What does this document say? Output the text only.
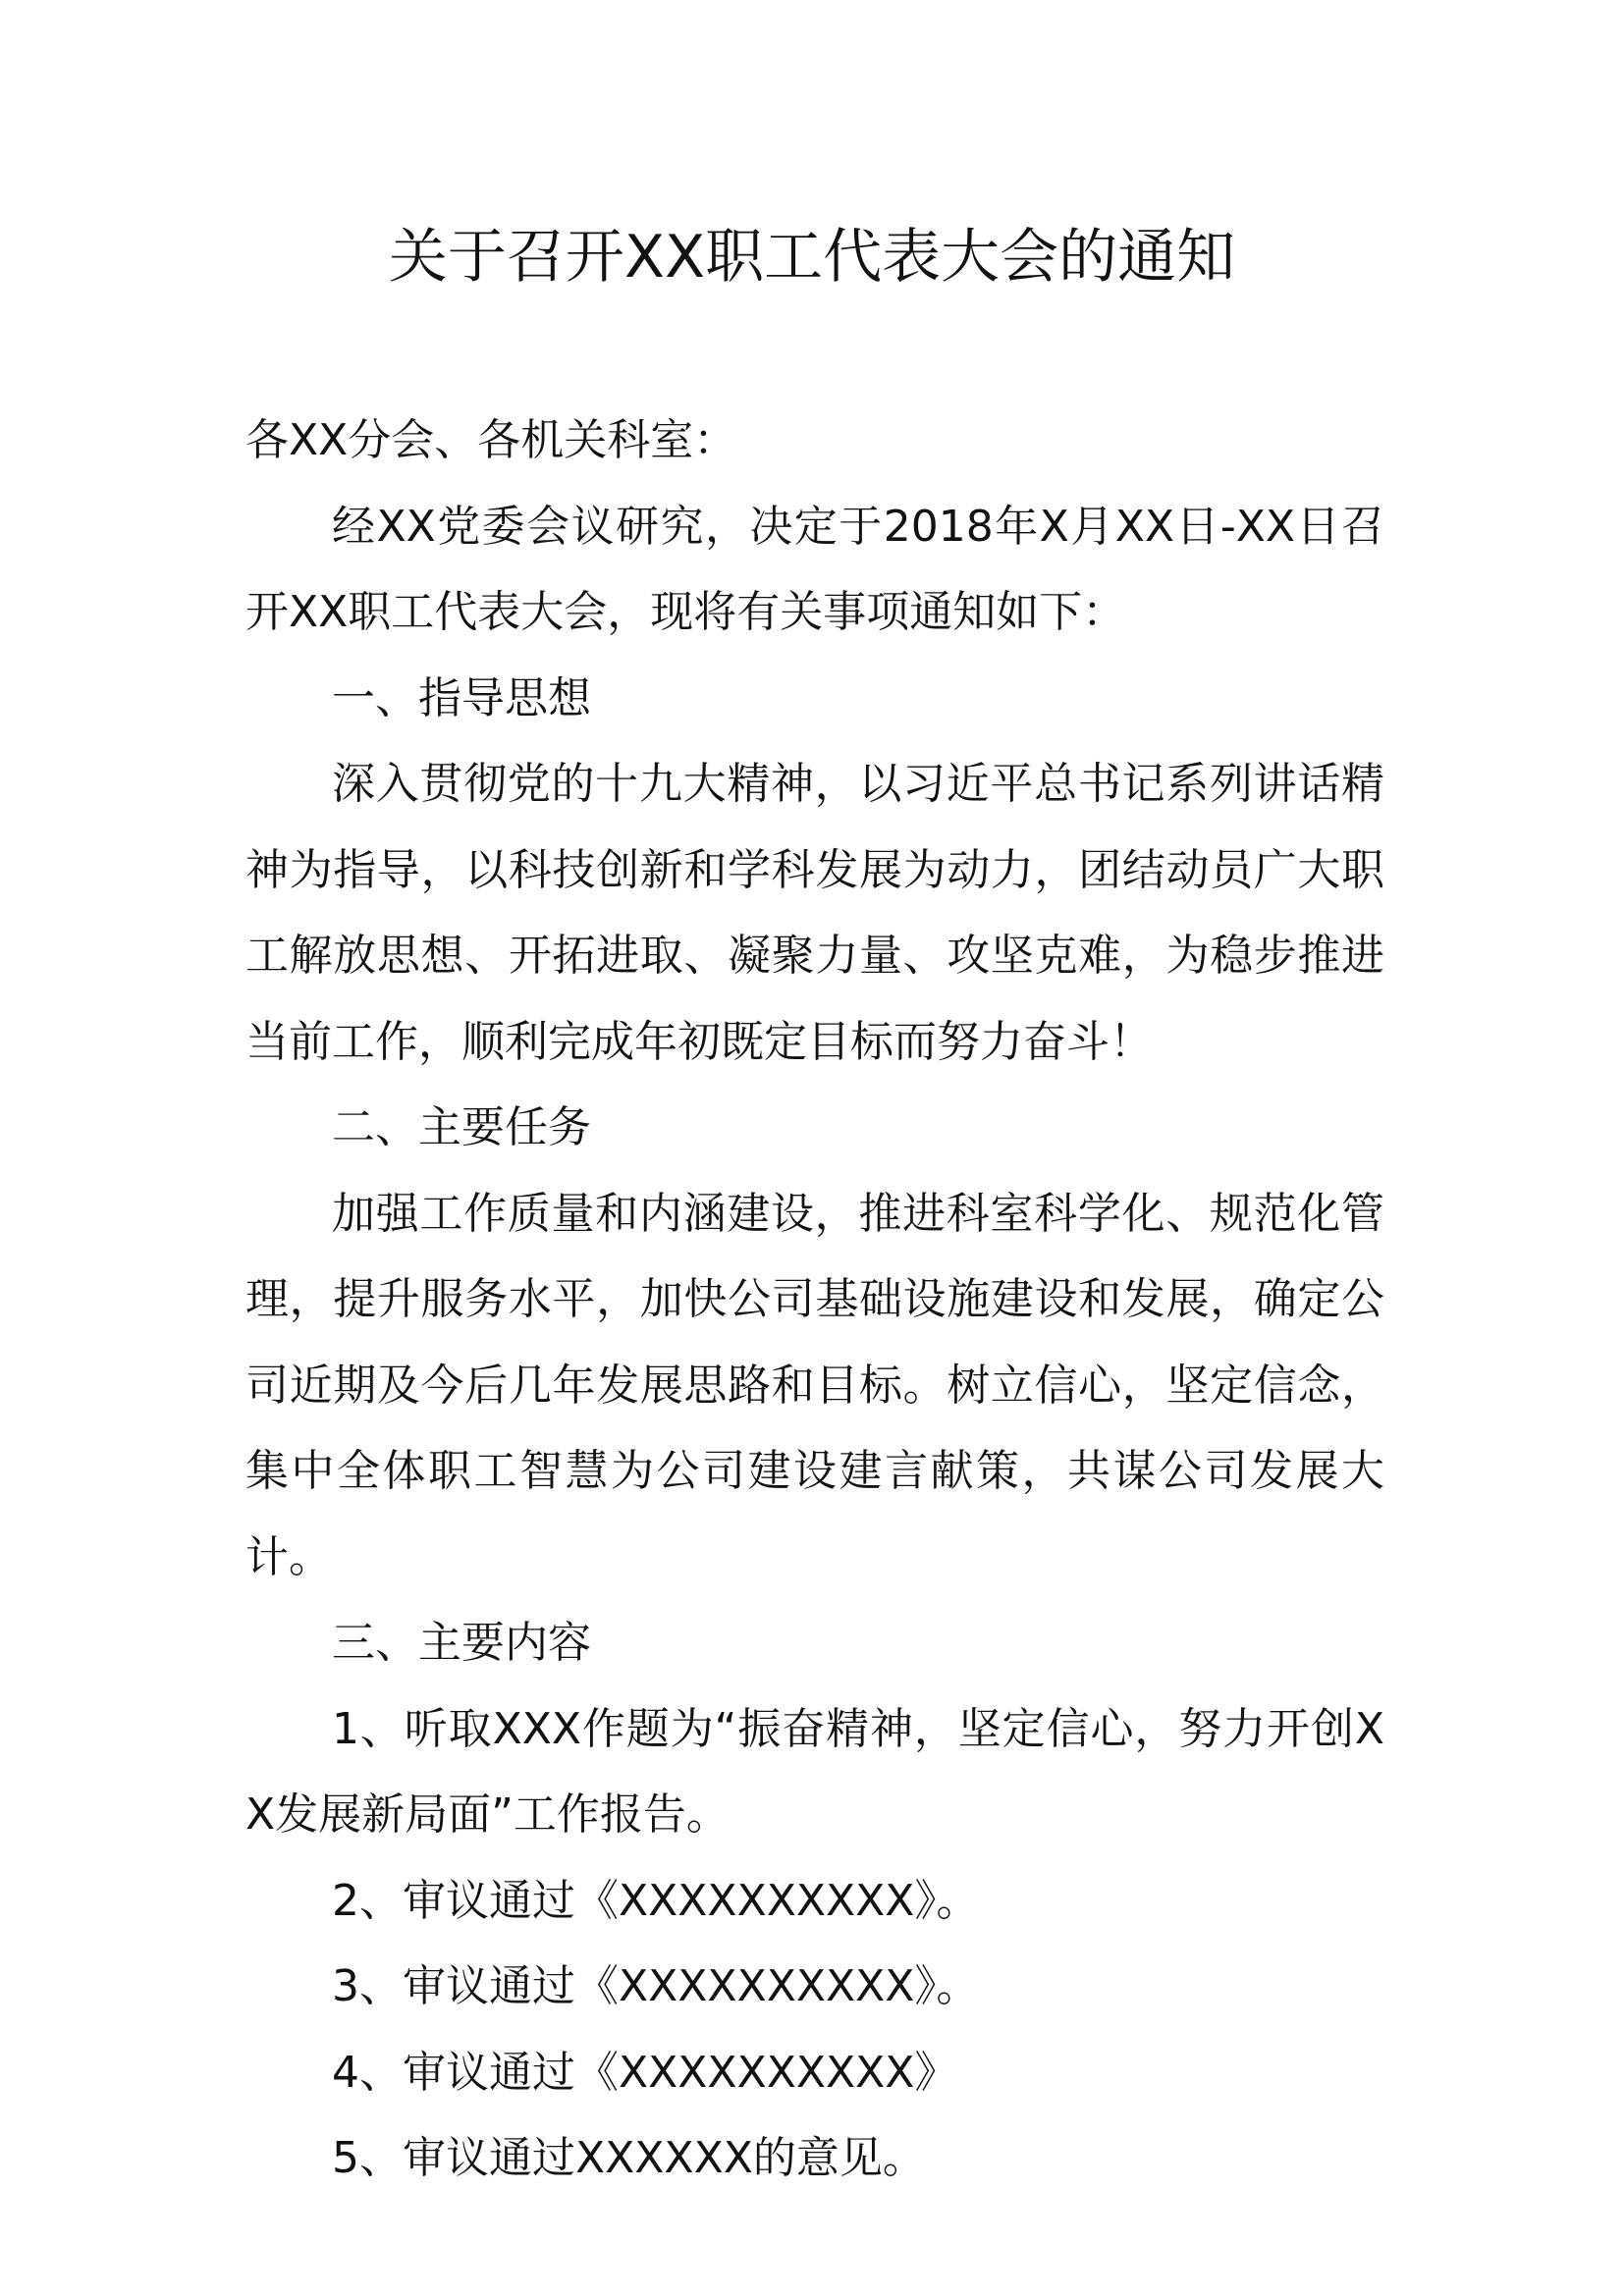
关于召开XX职工代表大会的通知

各XX分会、各机关科室：

经XX党委会议研究，决定于2018年X月XX日-XX日召开XX职工代表大会，现将有关事项通知如下：

一、指导思想

深入贯彻党的十九大精神，以习近平总书记系列讲话精神为指导，以科技创新和学科发展为动力，团结动员广大职工解放思想、开拓进取、凝聚力量、攻坚克难，为稳步推进当前工作，顺利完成年初既定目标而努力奋斗！

二、主要任务

加强工作质量和内涵建设，推进科室科学化、规范化管理，提升服务水平，加快公司基础设施建设和发展，确定公司近期及今后几年发展思路和目标。树立信心，坚定信念，集中全体职工智慧为公司建设建言献策，共谋公司发展大计。

三、主要内容

1、听取XXX作题为“振奋精神，坚定信心，努力开创XX发展新局面”工作报告。

2、审议通过《XXXXXXXXXX》。

3、审议通过《XXXXXXXXXX》。

4、审议通过《XXXXXXXXXX》

5、审议通过XXXXXX的意见。
